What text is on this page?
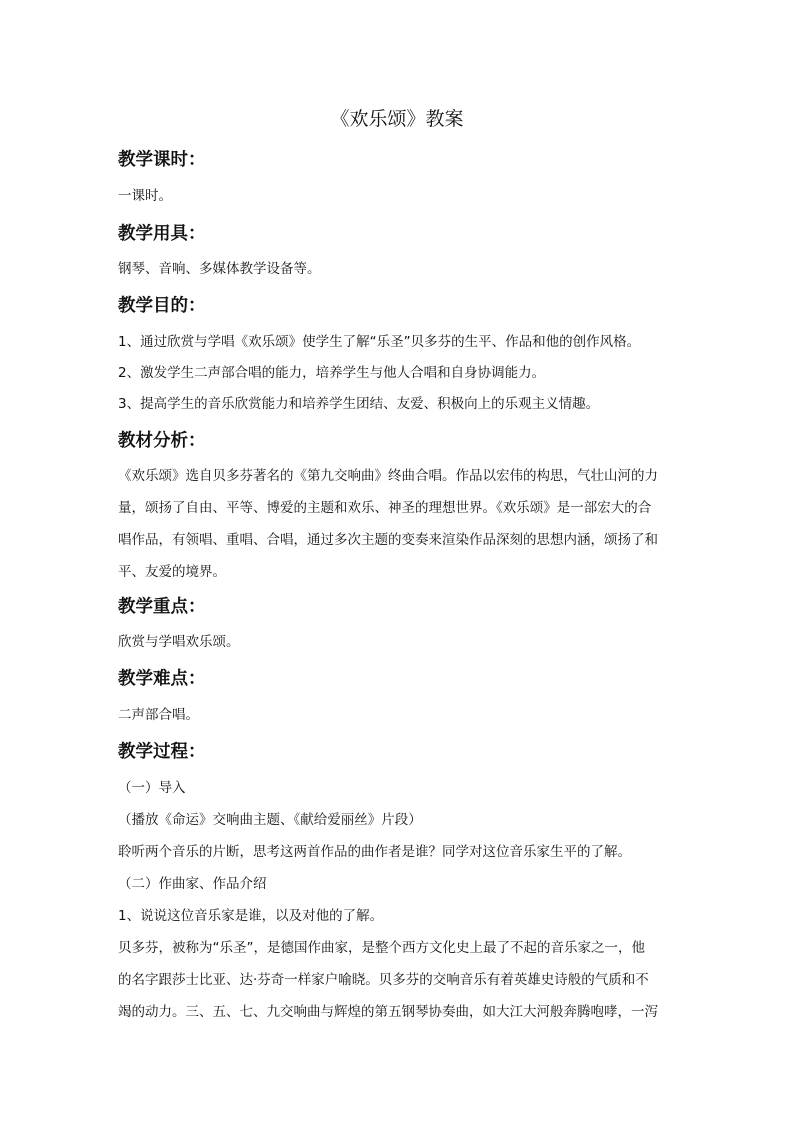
《欢乐颂》教案
教学课时：
一课时。
教学用具：
钢琴、音响、多媒体教学设备等。
教学目的：
1、通过欣赏与学唱《欢乐颂》使学生了解“乐圣”贝多芬的生平、作品和他的创作风格。
2、激发学生二声部合唱的能力，培养学生与他人合唱和自身协调能力。
3、提高学生的音乐欣赏能力和培养学生团结、友爱、积极向上的乐观主义情趣。
教材分析：
《欢乐颂》选自贝多芬著名的《第九交响曲》终曲合唱。作品以宏伟的构思，气壮山河的力
量，颂扬了自由、平等、博爱的主题和欢乐、神圣的理想世界。《欢乐颂》是一部宏大的合
唱作品，有领唱、重唱、合唱，通过多次主题的变奏来渲染作品深刻的思想内涵，颂扬了和
平、友爱的境界。
教学重点：
欣赏与学唱欢乐颂。
教学难点：
二声部合唱。
教学过程：
（一）导入
（播放《命运》交响曲主题、《献给爱丽丝》片段）
聆听两个音乐的片断，思考这两首作品的曲作者是谁？同学对这位音乐家生平的了解。
（二）作曲家、作品介绍
1、说说这位音乐家是谁，以及对他的了解。
贝多芬，被称为“乐圣”，是德国作曲家，是整个西方文化史上最了不起的音乐家之一，他
的名字跟莎士比亚、达·芬奇一样家户喻晓。贝多芬的交响音乐有着英雄史诗般的气质和不
竭的动力。三、五、七、九交响曲与辉煌的第五钢琴协奏曲，如大江大河般奔腾咆哮，一泻
